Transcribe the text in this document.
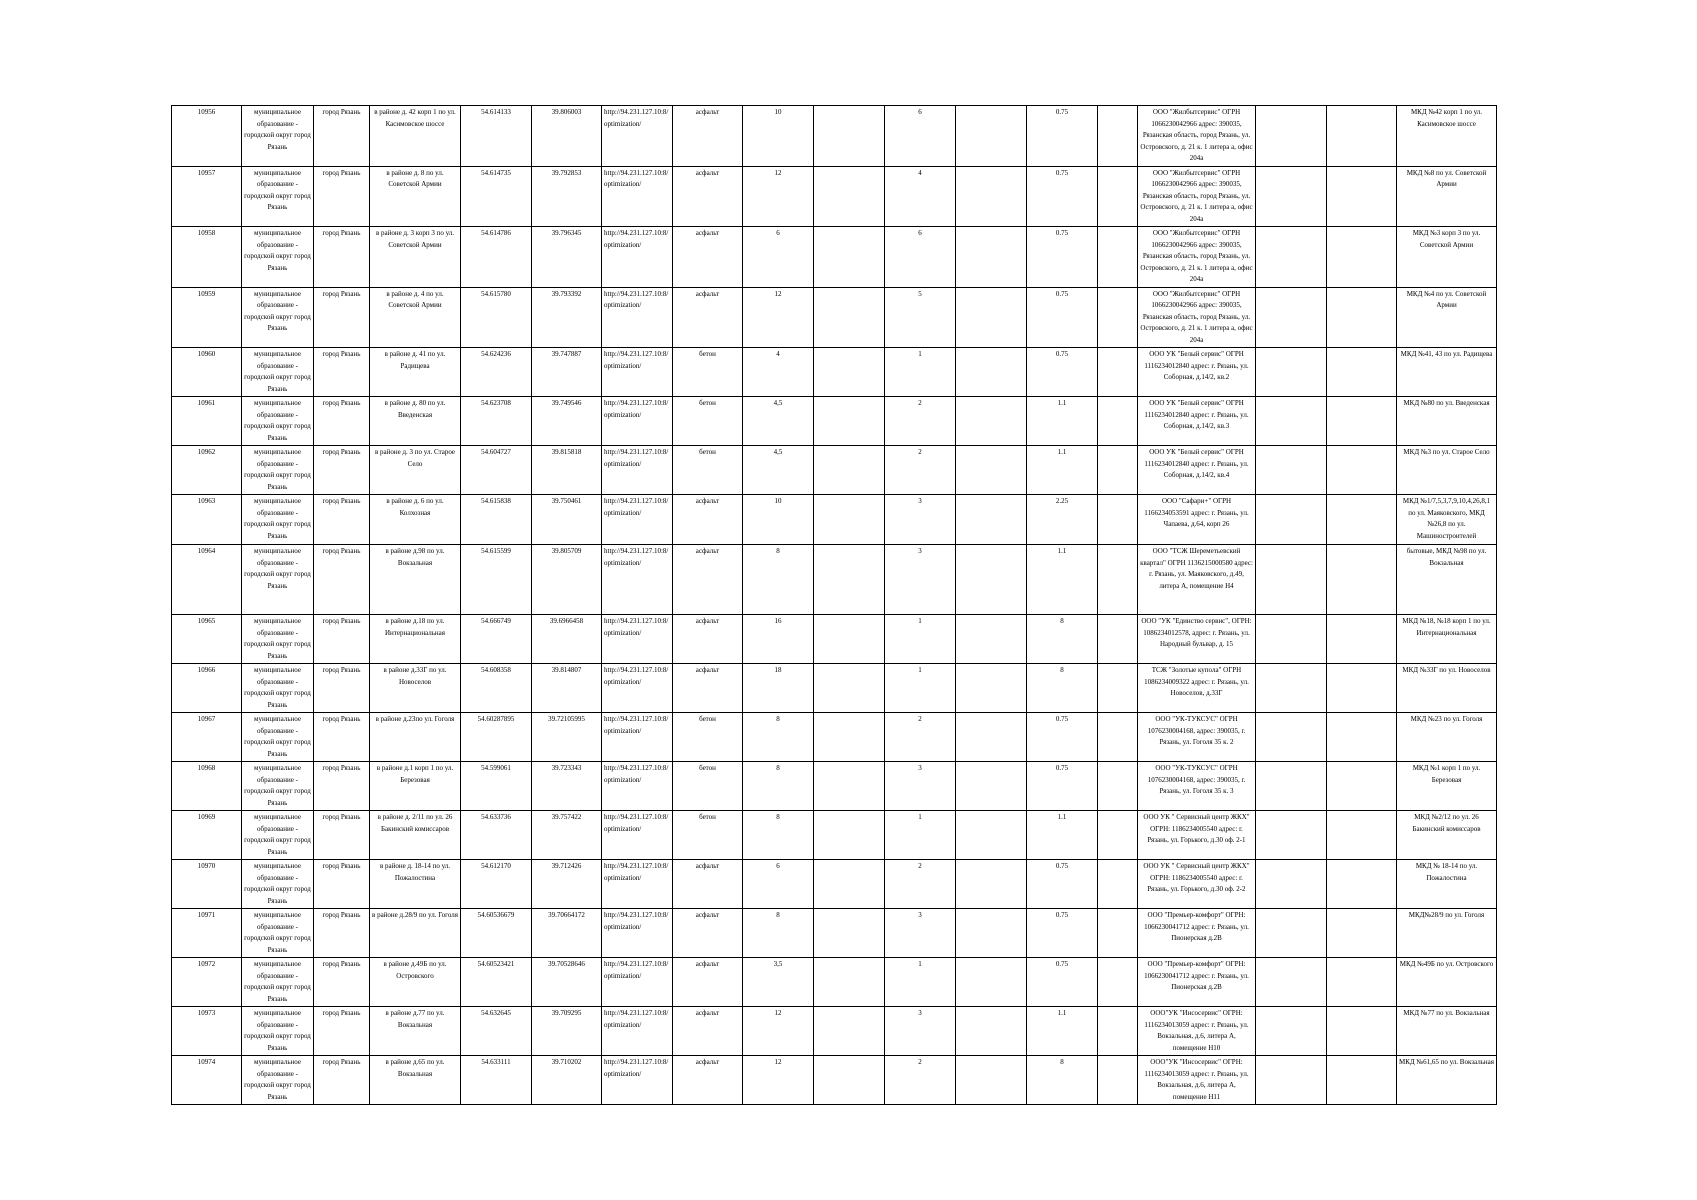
10956	муниципальное образование - городской округ город Рязань	город Рязань	в районе д. 42 корп 1 по ул. Касимовское шоссе	54.614133	39.806003	http://94.231.127.10:8/optimization/	асфальт	10		6		0.75		ООО "Жилбытсервис" ОГРН 1066230042966 адрес: 390035, Рязанская область, город Рязань, ул. Островского, д. 21 к. 1 литера а, офис 204а			МКД №42 корп 1 по ул. Касимовское шоссе
10957	муниципальное образование - городской округ город Рязань	город Рязань	в районе д. 8 по ул. Советской Армии	54.614735	39.792853	http://94.231.127.10:8/optimization/	асфальт	12		4		0.75		ООО "Жилбытсервис" ОГРН 1066230042966 адрес: 390035, Рязанская область, город Рязань, ул. Островского, д. 21 к. 1 литера а, офис 204а			МКД №8 по ул. Советской Армии
10958	муниципальное образование - городской округ город Рязань	город Рязань	в районе д. 3 корп 3 по ул. Советской Армии	54.614786	39.796345	http://94.231.127.10:8/optimization/	асфальт	6		6		0.75		ООО "Жилбытсервис" ОГРН 1066230042966 адрес: 390035, Рязанская область, город Рязань, ул. Островского, д. 21 к. 1 литера а, офис 204а			МКД №3 корп 3 по ул. Советской Армии
10959	муниципальное образование - городской округ город Рязань	город Рязань	в районе д. 4 по ул. Советской Армии	54.615780	39.793392	http://94.231.127.10:8/optimization/	асфальт	12		5		0.75		ООО "Жилбытсервис" ОГРН 1066230042966 адрес: 390035, Рязанская область, город Рязань, ул. Островского, д. 21 к. 1 литера а, офис 204а			МКД №4 по ул. Советской Армии
10960	муниципальное образование - городской округ город Рязань	город Рязань	в районе д. 41 по ул. Радищева	54.624236	39.747887	http://94.231.127.10:8/optimization/	бетон	4		1		0.75		ООО УК "Белый сервис" ОГРН 1116234012840 адрес: г. Рязань, ул. Соборная, д.14/2, кв.2			МКД №41, 43 по ул. Радищева
10961	муниципальное образование - городской округ город Рязань	город Рязань	в районе д. 80 по ул. Введенская	54.623708	39.749546	http://94.231.127.10:8/optimization/	бетон	4,5		2		1.1		ООО УК "Белый сервис" ОГРН 1116234012840 адрес: г. Рязань, ул. Соборная, д.14/2, кв.3			МКД №80 по ул. Введенская
10962	муниципальное образование - городской округ город Рязань	город Рязань	в районе д. 3 по ул. Старое Село	54.604727	39.815818	http://94.231.127.10:8/optimization/	бетон	4,5		2		1.1		ООО УК "Белый сервис" ОГРН 1116234012840 адрес: г. Рязань, ул. Соборная, д.14/2, кв.4			МКД №3 по ул. Старое Село
10963	муниципальное образование - городской округ город Рязань	город Рязань	в районе д. 6 по ул. Колхозная	54.615838	39.750461	http://94.231.127.10:8/optimization/	асфальт	10		3		2.25		ООО "Сафари+" ОГРН 1166234053591 адрес: г. Рязань, ул. Чапаева, д.64, корп 26			МКД №1/7,5,3,7,9,10,4,26,8,1 по ул. Маяковского, МКД №26,8 по ул. Машиностроителей
10964	муниципальное образование - городской округ город Рязань	город Рязань	в районе д.98 по ул. Вокзальная	54.615599	39.805709	http://94.231.127.10:8/optimization/	асфальт	8		3		1.1		ООО "ТСЖ Шереметьевский квартал" ОГРН 1136215000580 адрес: г. Рязань, ул. Маяковского, д.49, литера А, помещение Н4			бытовые, МКД №98 по ул. Вокзальная
10965	муниципальное образование - городской округ город Рязань	город Рязань	в районе д.18 по ул. Интернациональная	54.666749	39.6966458	http://94.231.127.10:8/optimization/	асфальт	16		1		8		ООО "УК "Единство сервис", ОГРН: 1086234012578, адрес: г. Рязань, ул. Народный бульвар, д. 15			МКД №18, №18 корп 1 по ул. Интернациональная
10966	муниципальное образование - городской округ город Рязань	город Рязань	в районе д.33Г по ул. Новоселов	54.608358	39.814807	http://94.231.127.10:8/optimization/	асфальт	18		1		8		ТСЖ "Золотые купола" ОГРН 1086234009322 адрес: г. Рязань, ул. Новоселов, д.33Г			МКД №33Г по ул. Новоселов
10967	муниципальное образование - городской округ город Рязань	город Рязань	в районе д.23по ул. Гоголя	54.60287895	39.72105995	http://94.231.127.10:8/optimization/	бетон	8		2		0.75		ООО "УК-ТУКСУС" ОГРН 1076230004168, адрес: 390035, г. Рязань, ул. Гоголя 35 к. 2			МКД №23 по ул. Гоголя
10968	муниципальное образование - городской округ город Рязань	город Рязань	в районе д.1 корп 1 по ул. Березовая	54.599061	39.723343	http://94.231.127.10:8/optimization/	бетон	8		3		0.75		ООО "УК-ТУКСУС" ОГРН 1076230004168, адрес: 390035, г. Рязань, ул. Гоголя 35 к. 3			МКД №1 корп 1 по ул. Березовая
10969	муниципальное образование - городской округ город Рязань	город Рязань	в районе д. 2/11 по ул. 26 Бакинский комиссаров	54.633736	39.757422	http://94.231.127.10:8/optimization/	бетон	8		1		1.1		ООО УК " Сервисный центр ЖКХ" ОГРН: 1186234005540 адрес: г. Рязань, ул. Горького, д.30 оф. 2-1			МКД №2/12 по ул. 26 Бакинский комиссаров
10970	муниципальное образование - городской округ город Рязань	город Рязань	в районе д. 18-14 по ул. Пожалостина	54.612170	39.712426	http://94.231.127.10:8/optimization/	асфальт	6		2		0.75		ООО УК " Сервисный центр ЖКХ" ОГРН: 1186234005540 адрес: г. Рязань, ул. Горького, д.30 оф. 2-2			МКД № 18-14 по ул. Пожалостина
10971	муниципальное образование - городской округ город Рязань	город Рязань	в районе д.28/9 по ул. Гоголя	54.60536679	39.70664172	http://94.231.127.10:8/optimization/	асфальт	8		3		0.75		ООО "Премьер-комфорт" ОГРН: 1066230041712 адрес: г. Рязань, ул. Пионерская д.2В			МКД№28/9 по ул. Гоголя
10972	муниципальное образование - городской округ город Рязань	город Рязань	в районе д.49Б по ул. Островского	54.60523421	39.70528646	http://94.231.127.10:8/optimization/	асфальт	3,5		1		0.75		ООО "Премьер-комфорт" ОГРН: 1066230041712 адрес: г. Рязань, ул. Пионерская д.2В			МКД №49Б по ул. Островского
10973	муниципальное образование - городской округ город Рязань	город Рязань	в районе д.77 по ул. Вокзальная	54.632645	39.709295	http://94.231.127.10:8/optimization/	асфальт	12		3		1.1		ООО"УК "Инсосервис" ОГРН: 1116234013059 адрес: г. Рязань, ул. Вокзальная, д.6, литера А, помещение Н10			МКД №77 по ул. Вокзальная
10974	муниципальное образование - городской округ город Рязань	город Рязань	в районе д.65 по ул. Вокзальная	54.633111	39.710202	http://94.231.127.10:8/optimization/	асфальт	12		2		8		ООО"УК "Инсосервис" ОГРН: 1116234013059 адрес: г. Рязань, ул. Вокзальная, д.6, литера А, помещение Н11			МКД №61,65 по ул. Вокзальная
